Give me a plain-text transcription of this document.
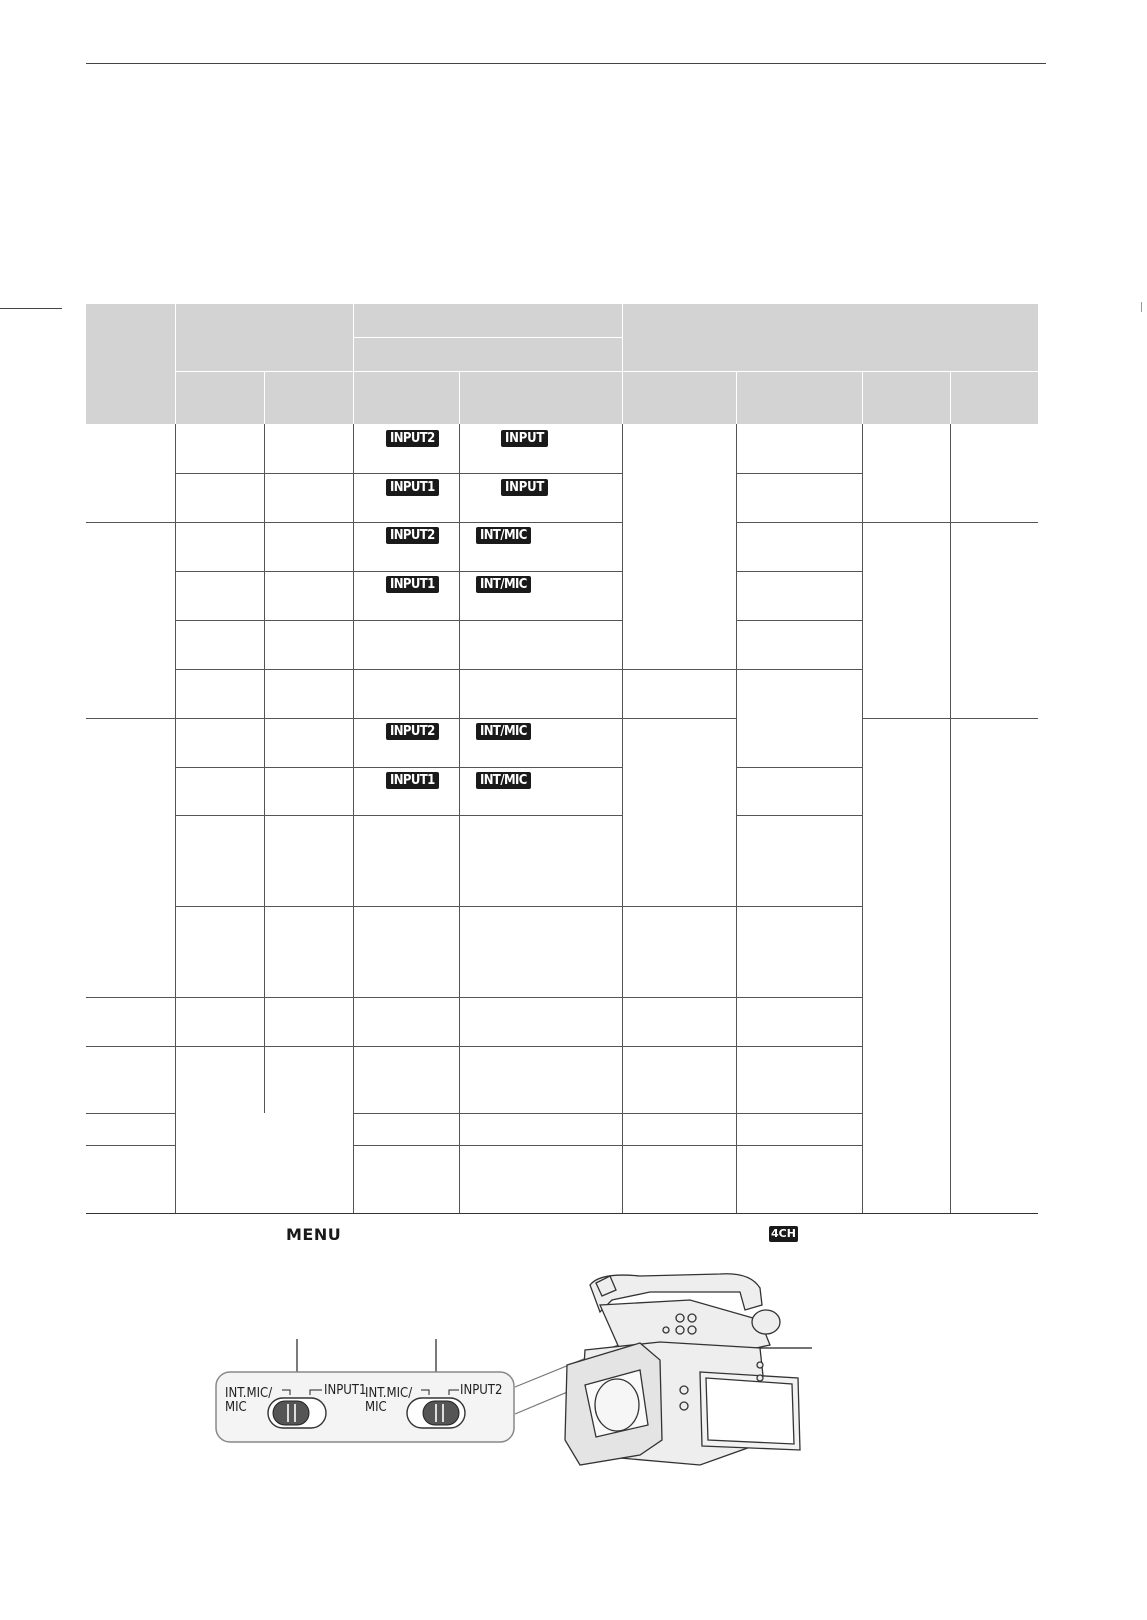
INPUT2	INPUT
INPUT1	INPUT
INPUT2	INT/MIC
INPUT1	INT/MIC
INPUT2	INT/MIC
INPUT1	INT/MIC
MENU	4CH
INT.MIC/
MIC
INPUT1
INT.MIC/
MIC
INPUT2
